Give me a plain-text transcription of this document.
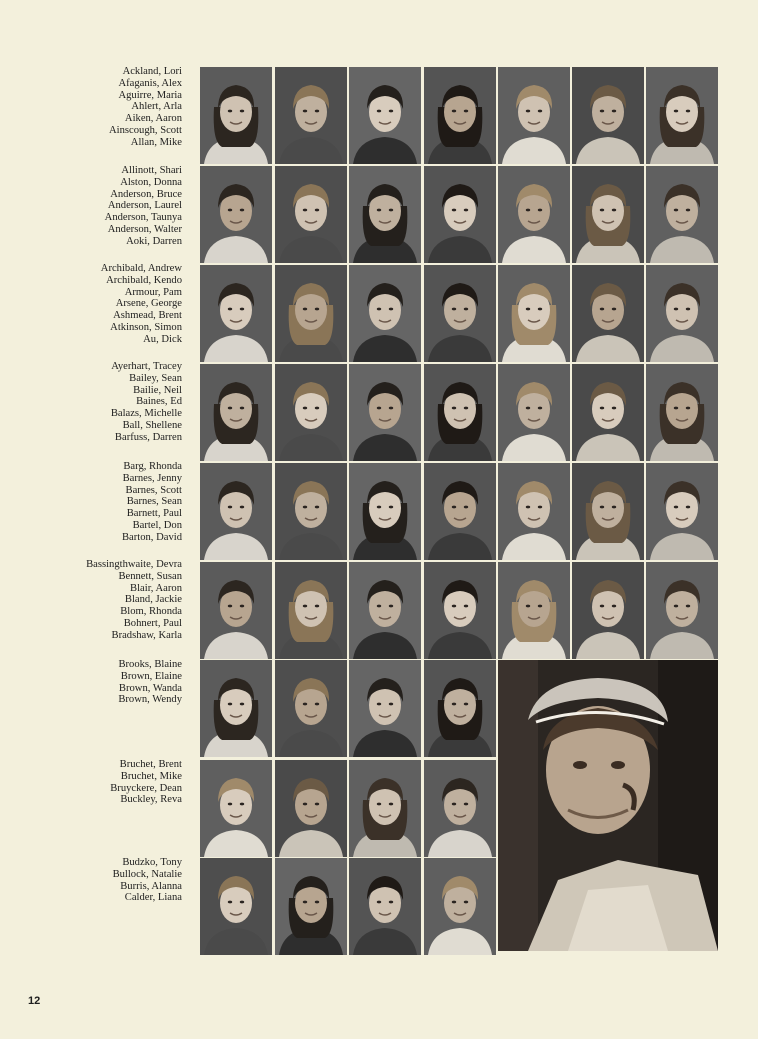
Ackland, Lori
Afaganis, Alex
Aguirre, Maria
Ahlert, Arla
Aiken, Aaron
Ainscough, Scott
Allan, Mike
Allinott, Shari
Alston, Donna
Anderson, Bruce
Anderson, Laurel
Anderson, Taunya
Anderson, Walter
Aoki, Darren
Archibald, Andrew
Archibald, Kendo
Armour, Pam
Arsene, George
Ashmead, Brent
Atkinson, Simon
Au, Dick
Ayerhart, Tracey
Bailey, Sean
Bailie, Neil
Baines, Ed
Balazs, Michelle
Ball, Shellene
Barfuss, Darren
Barg, Rhonda
Barnes, Jenny
Barnes, Scott
Barnes, Sean
Barnett, Paul
Bartel, Don
Barton, David
Bassingthwaite, Devra
Bennett, Susan
Blair, Aaron
Bland, Jackie
Blom, Rhonda
Bohnert, Paul
Bradshaw, Karla
Brooks, Blaine
Brown, Elaine
Brown, Wanda
Brown, Wendy
Bruchet, Brent
Bruchet, Mike
Bruyckere, Dean
Buckley, Reva
Budzko, Tony
Bullock, Natalie
Burris, Alanna
Calder, Liana
12
